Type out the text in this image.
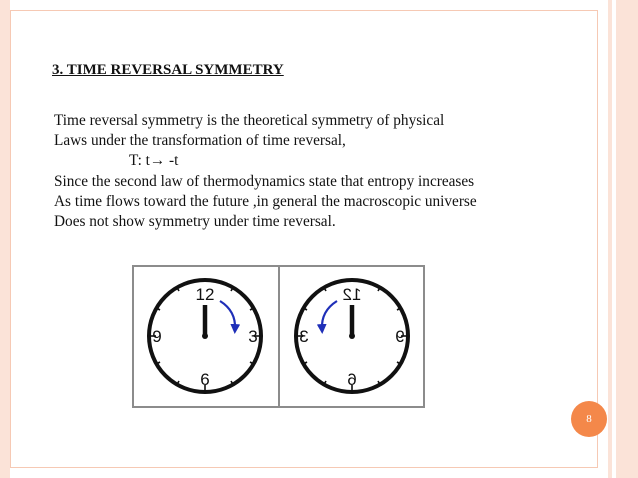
3. TIME REVERSAL SYMMETRY
Time reversal symmetry is the theoretical symmetry of physical
Laws under the transformation of time reversal,
T: t→ -t
Since the second law of thermodynamics state that entropy increases
As time flows toward the future ,in general the macroscopic universe
Does not show symmetry under time reversal.
12
3
6
9
12
3
6
9
8
